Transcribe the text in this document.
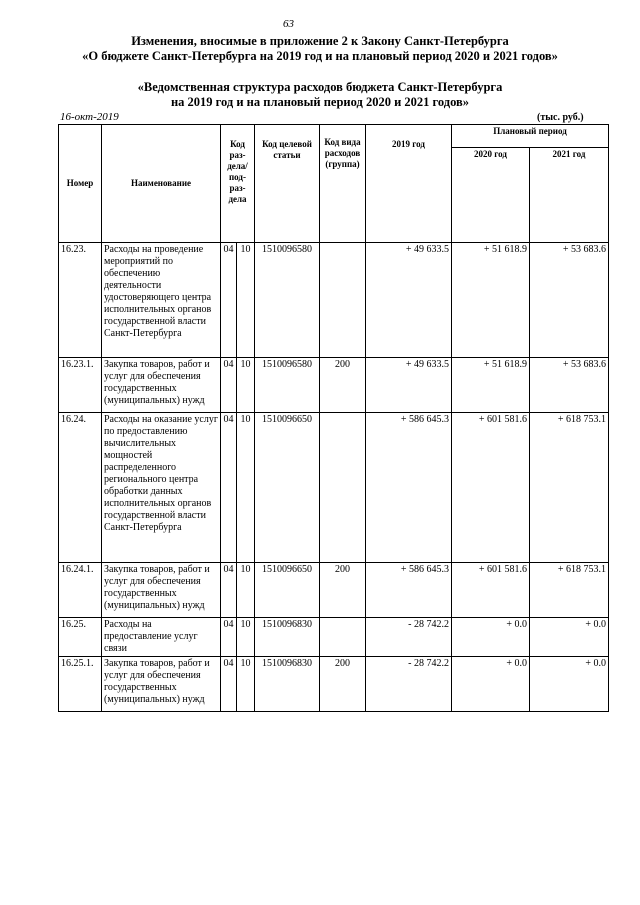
63
Изменения, вносимые в приложение 2 к Закону Санкт-Петербурга
«О бюджете Санкт-Петербурга на 2019 год и на плановый период 2020 и 2021 годов»
«Ведомственная структура расходов бюджета Санкт-Петербурга
на 2019 год и на плановый период 2020 и 2021 годов»
16-окт-2019	(тыс. руб.)
Номер	Наименование	Код раз-дела/ под-раз-дела		Код целевой статьи	Код вида расходов (группа)	2019 год	Плановый период	
							2020 год	2021 год
16.23.	Расходы на проведение мероприятий по обеспечению деятельности удостоверяющего центра исполнительных органов государственной власти Санкт-Петербурга	04	10	1510096580		+ 49 633.5	+ 51 618.9	+ 53 683.6
16.23.1.	Закупка товаров, работ и услуг для обеспечения государственных (муниципальных) нужд	04	10	1510096580	200	+ 49 633.5	+ 51 618.9	+ 53 683.6
16.24.	Расходы на оказание услуг по предоставлению вычислительных мощностей распределенного регионального центра обработки данных исполнительных органов государственной власти Санкт-Петербурга	04	10	1510096650		+ 586 645.3	+ 601 581.6	+ 618 753.1
16.24.1.	Закупка товаров, работ и услуг для обеспечения государственных (муниципальных) нужд	04	10	1510096650	200	+ 586 645.3	+ 601 581.6	+ 618 753.1
16.25.	Расходы на предоставление услуг связи	04	10	1510096830		- 28 742.2	+ 0.0	+ 0.0
16.25.1.	Закупка товаров, работ и услуг для обеспечения государственных (муниципальных) нужд	04	10	1510096830	200	- 28 742.2	+ 0.0	+ 0.0
